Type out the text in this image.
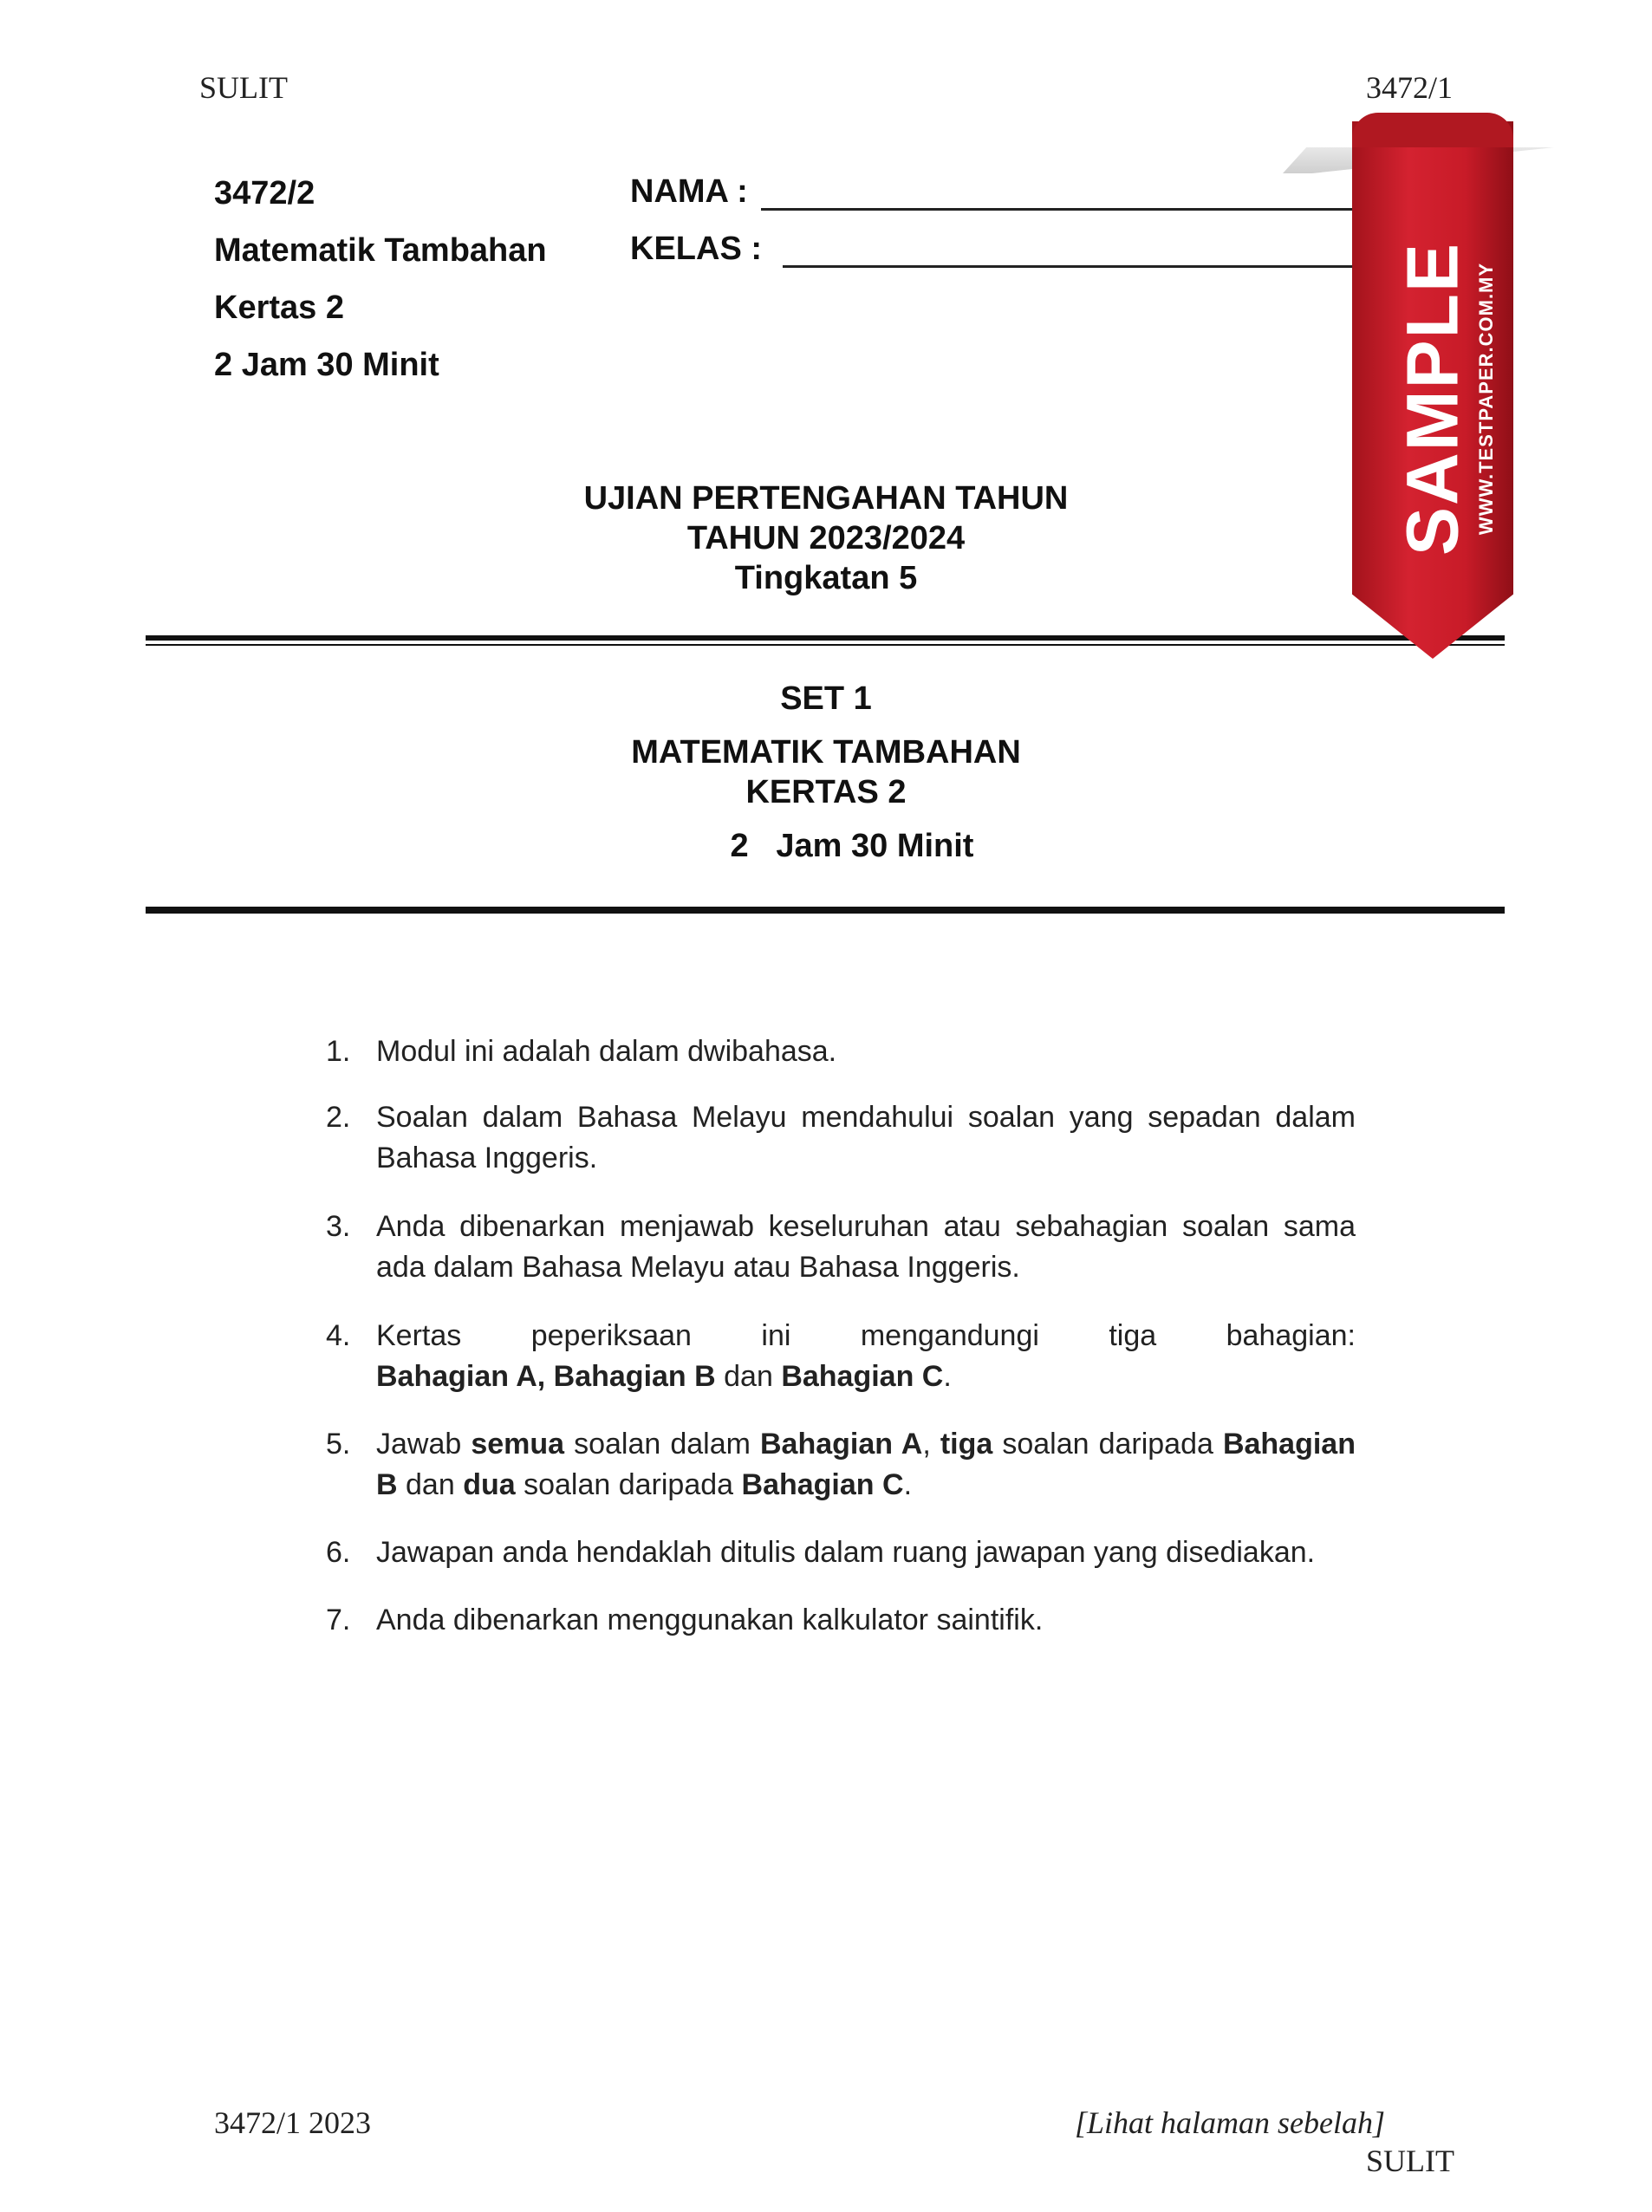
SULIT	3472/1
3472/2
Matematik Tambahan
Kertas 2
2 Jam 30 Minit
NAMA :
KELAS :
UJIAN PERTENGAHAN TAHUN
TAHUN 2023/2024
Tingkatan 5
SET 1
MATEMATIK TAMBAHAN
KERTAS 2
2 Jam 30 Minit
1. Modul ini adalah dalam dwibahasa.
2. Soalan dalam Bahasa Melayu mendahului soalan yang sepadan dalam Bahasa Inggeris.
3. Anda dibenarkan menjawab keseluruhan atau sebahagian soalan sama ada dalam Bahasa Melayu atau Bahasa Inggeris.
4. Kertas peperiksaan ini mengandungi tiga bahagian:
Bahagian A, Bahagian B dan Bahagian C.
5. Jawab semua soalan dalam Bahagian A, tiga soalan daripada Bahagian B dan dua soalan daripada Bahagian C.
6. Jawapan anda hendaklah ditulis dalam ruang jawapan yang disediakan.
7. Anda dibenarkan menggunakan kalkulator saintifik.
3472/1 2023	[Lihat halaman sebelah]
SULIT
SAMPLE WWW.TESTPAPER.COM.MY
